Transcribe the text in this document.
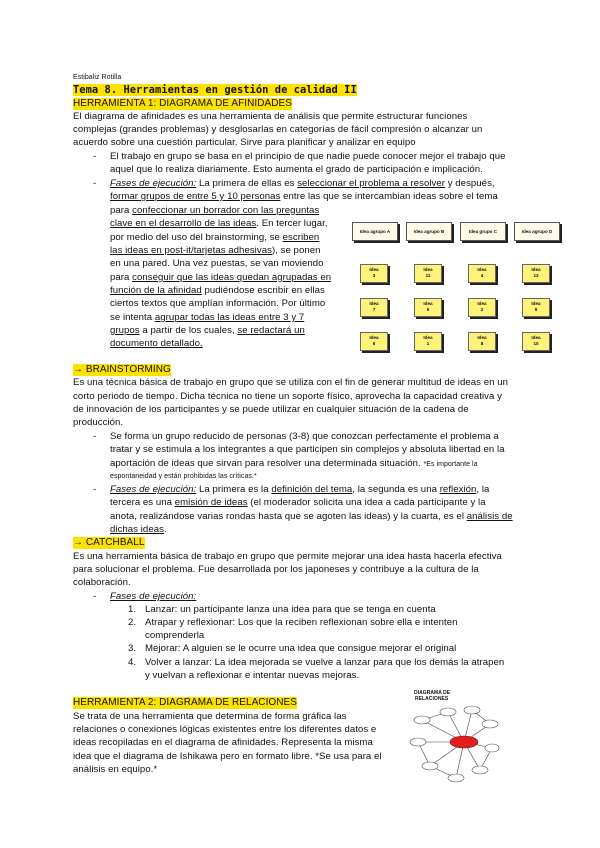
Estibaliz Rotilla
Tema 8. Herramientas en gestión de calidad II
HERRAMIENTA 1: DIAGRAMA DE AFINIDADES
El diagrama de afinidades es una herramienta de análisis que permite estructurar funciones
complejas (grandes problemas) y desglosarlas en categorías de fácil compresión o alcanzar un
acuerdo sobre una cuestión particular. Sirve para planificar y analizar en equipo
- El trabajo en grupo se basa en el principio de que nadie puede conocer mejor el trabajo que
aquel que lo realiza diariamente. Esto aumenta el grado de participación e implicación.
- Fases de ejecución: La primera de ellas es seleccionar el problema a resolver y después,
formar grupos de entre 5 y 10 personas entre las que se intercambian ideas sobre el tema
para confeccionar un borrador con las preguntas
clave en el desarrollo de las ideas. En tercer lugar,
por medio del uso del brainstorming, se escriben
las ideas en post-it/tarjetas adhesivas), se ponen
en una pared. Una vez puestas, se van moviendo
para conseguir que las ideas quedan agrupadas en
función de la afinidad pudiéndose escribir en ellas
ciertos textos que amplían información. Por último
se intenta agrupar todas las ideas entre 3 y 7
grupos a partir de los cuales, se redactará un
documento detallado.
Idea agrupo A	Idea agrupo B	Idea grupo C	Idea agrupo D
Idea
3
Idea
11
Idea
4
Idea
13
Idea
7
Idea
5
Idea
2
Idea
9
Idea
6
Idea
1
Idea
8
Idea
10
→ BRAINSTORMING
Es una técnica básica de trabajo en grupo que se utiliza con el fin de generar multitud de ideas en un
corto periodo de tiempo. Dicha técnica no tiene un soporte físico, aprovecha la capacidad creativa y
de innovación de los participantes y se puede utilizar en cualquier situación de la cadena de
producción.
- Se forma un grupo reducido de personas (3-8) que conozcan perfectamente el problema a
tratar y se estimula a los integrantes a que participen sin complejos y absoluta libertad en la
aportación de ideas que sirvan para resolver una determinada situación. *Es importante la
espontaneidad y están prohibidas las críticas.*
- Fases de ejecución: La primera es la definición del tema, la segunda es una reflexión, la
tercera es una emisión de ideas (el moderador solicita una idea a cada participante y la
anota, realizándose varias rondas hasta que se agoten las ideas) y la cuarta, es el análisis de
dichas ideas.
→ CATCHBALL
Es una herramienta básica de trabajo en grupo que permite mejorar una idea hasta hacerla efectiva
para solucionar el problema. Fue desarrollada por los japoneses y contribuye a la cultura de la
colaboración.
- Fases de ejecución:
1. Lanzar: un participante lanza una idea para que se tenga en cuenta
2. Atrapar y reflexionar: Los que la reciben reflexionan sobre ella e intenten
comprenderla
3. Mejorar: A alguien se le ocurre una idea que consigue mejorar el original
4. Volver a lanzar: La idea mejorada se vuelve a lanzar para que los demás la atrapen
y vuelvan a reflexionar e intentar nuevas mejoras.
HERRAMIENTA 2: DIAGRAMA DE RELACIONES
Se trata de una herramienta que determina de forma gráfica las
relaciones o conexiones lógicas existentes entre los diferentes datos e
ideas recopiladas en el diagrama de afinidades. Representa la misma
idea que el diagrama de Ishikawa pero en formato libre. *Se usa para el
análisis en equipo.*
DIAGRAMA DE
RELACIONES
